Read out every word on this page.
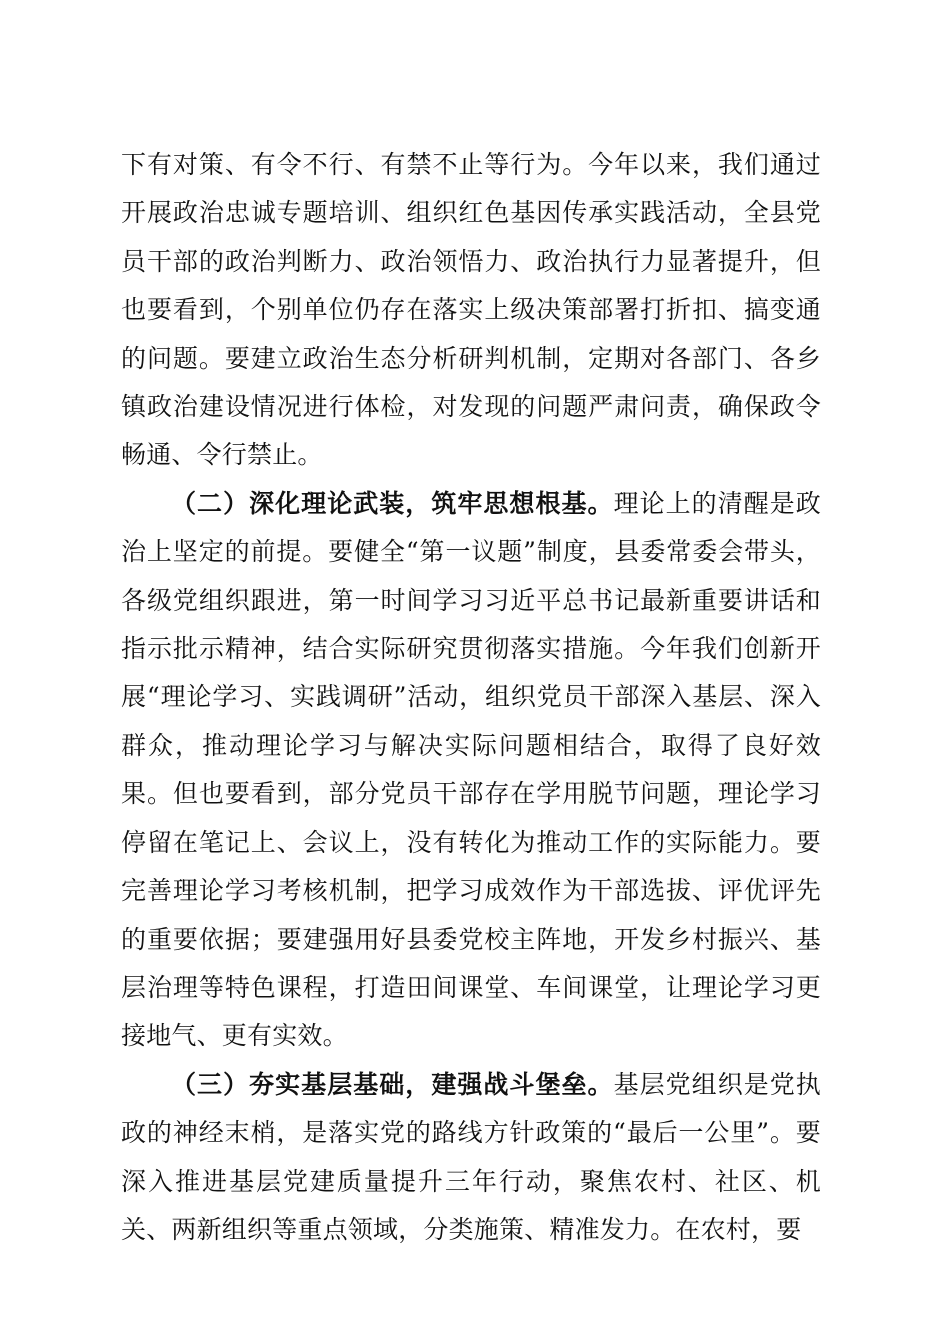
下有对策、有令不行、有禁不止等行为。今年以来，我们通过开展政治忠诚专题培训、组织红色基因传承实践活动，全县党员干部的政治判断力、政治领悟力、政治执行力显著提升，但也要看到，个别单位仍存在落实上级决策部署打折扣、搞变通的问题。要建立政治生态分析研判机制，定期对各部门、各乡镇政治建设情况进行体检，对发现的问题严肃问责，确保政令畅通、令行禁止。

（二）深化理论武装，筑牢思想根基。理论上的清醒是政治上坚定的前提。要健全“第一议题”制度，县委常委会带头，各级党组织跟进，第一时间学习习近平总书记最新重要讲话和指示批示精神，结合实际研究贯彻落实措施。今年我们创新开展“理论学习、实践调研”活动，组织党员干部深入基层、深入群众，推动理论学习与解决实际问题相结合，取得了良好效果。但也要看到，部分党员干部存在学用脱节问题，理论学习停留在笔记上、会议上，没有转化为推动工作的实际能力。要完善理论学习考核机制，把学习成效作为干部选拔、评优评先的重要依据；要建强用好县委党校主阵地，开发乡村振兴、基层治理等特色课程，打造田间课堂、车间课堂，让理论学习更接地气、更有实效。

（三）夯实基层基础，建强战斗堡垒。基层党组织是党执政的神经末梢，是落实党的路线方针政策的“最后一公里”。要深入推进基层党建质量提升三年行动，聚焦农村、社区、机关、两新组织等重点领域，分类施策、精准发力。在农村，要
